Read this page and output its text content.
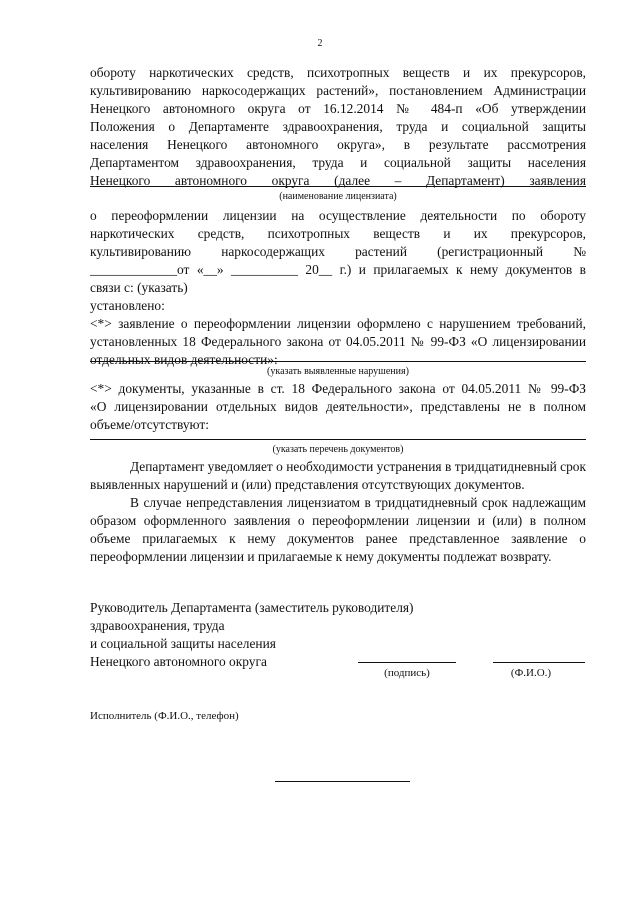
2

обороту наркотических средств, психотропных веществ и их прекурсоров,

культивированию наркосодержащих растений», постановлением Администрации

Ненецкого автономного округа от 16.12.2014 № 484-п «Об утверждении

Положения о Департаменте здравоохранения, труда и социальной защиты

населения Ненецкого автономного округа», в результате рассмотрения

Департаментом здравоохранения, труда и социальной защиты населения

Ненецкого автономного округа (далее – Департамент) заявления

(наименование лицензиата)

о переоформлении лицензии на осуществление деятельности по обороту

наркотических средств, психотропных веществ и их прекурсоров,

культивированию наркосодержащих растений (регистрационный №

_____________от «__» __________ 20__ г.) и прилагаемых к нему документов в

связи с: (указать)

установлено:

<*> заявление о переоформлении лицензии оформлено с нарушением требований,

установленных 18 Федерального закона от 04.05.2011 № 99-ФЗ «О лицензировании

отдельных видов деятельности»:

(указать выявленные нарушения)

<*> документы, указанные в ст. 18 Федерального закона от 04.05.2011 № 99-ФЗ

«О лицензировании отдельных видов деятельности», представлены не в полном

объеме/отсутствуют:

(указать перечень документов)

Департамент уведомляет о необходимости устранения в тридцатидневный срок выявленных нарушений и (или) представления отсутствующих документов.

В случае непредставления лицензиатом в тридцатидневный срок надлежащим образом оформленного заявления о переоформлении лицензии и (или) в полном объеме прилагаемых к нему документов ранее представленное заявление о переоформлении лицензии и прилагаемые к нему документы подлежат возврату.

Руководитель Департамента (заместитель руководителя)

здравоохранения, труда

и социальной защиты населения

Ненецкого автономного округа

(подпись)	(Ф.И.О.)
Исполнитель (Ф.И.О., телефон)
